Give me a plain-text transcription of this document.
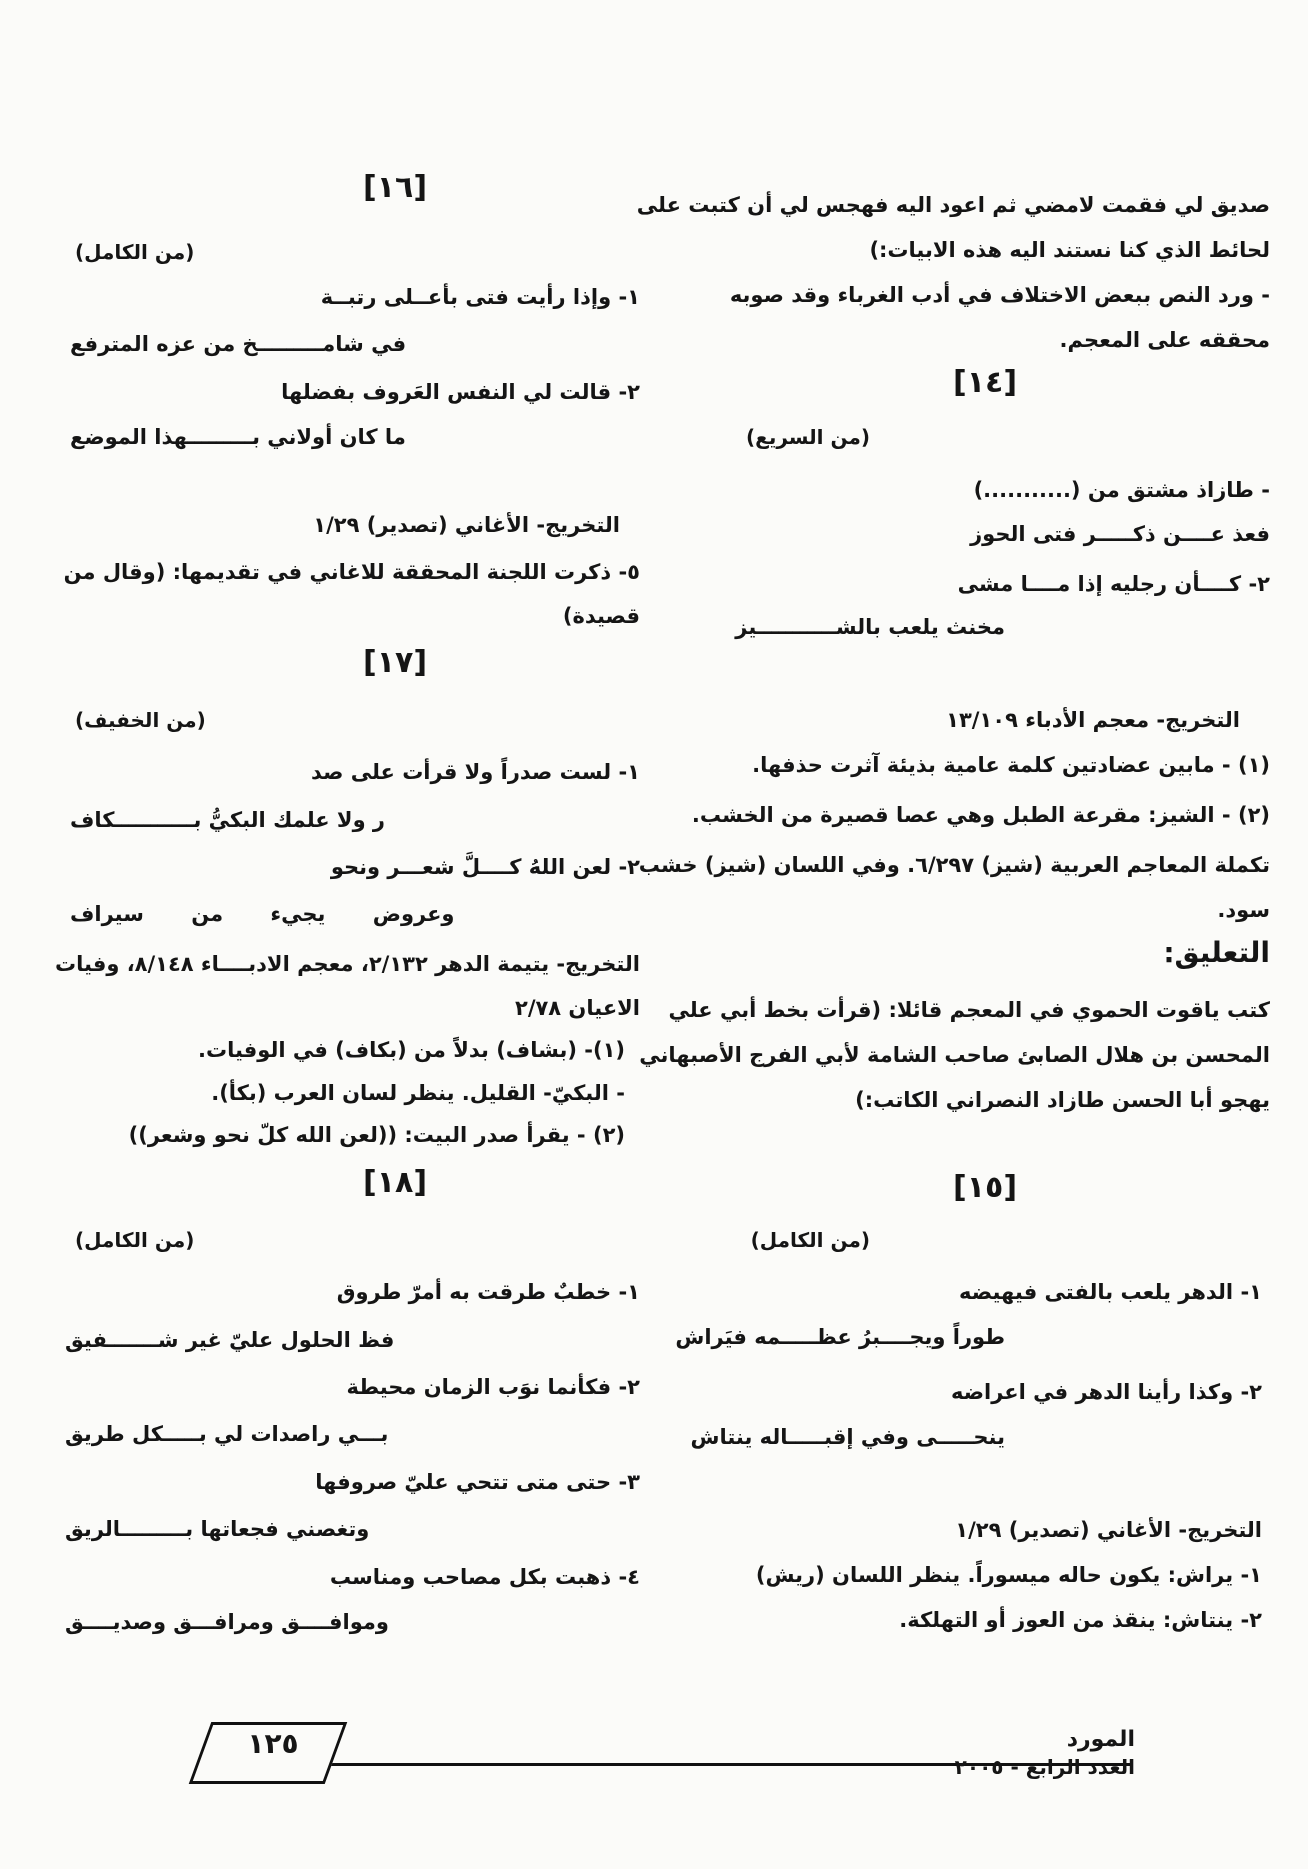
صديق لي فقمت لامضي ثم اعود اليه فهجس لي أن كتبت على
لحائط الذي كنا نستند اليه هذه الابيات:)
- ورد النص ببعض الاختلاف في أدب الغرباء وقد صوبه
محققه على المعجم.
[١٤]
(من السريع)
- طازاذ مشتق من (...........)
فعذ عــــن ذكـــــر فتى الحوز
٢- كــــأن رجليه إذا مــــا مشى
مخنث يلعب بالشـــــــــــيز
التخريج- معجم الأدباء ١٣/١٠٩
(١) - مابين عضادتين كلمة عامية بذيئة آثرت حذفها.
(٢) - الشيز: مقرعة الطبل وهي عصا قصيرة من الخشب.
تكملة المعاجم العربية (شيز) ٦/٢٩٧. وفي اللسان (شيز) خشب
سود.
التعليق:
كتب ياقوت الحموي في المعجم قائلا: (قرأت بخط أبي علي
المحسن بن هلال الصابئ صاحب الشامة لأبي الفرج الأصبهاني
يهجو أبا الحسن طازاد النصراني الكاتب:)
[١٥]
(من الكامل)
١- الدهر يلعب بالفتى فيهيضه
طوراً ويجــــبرُ عظـــــمه فيَراش
٢- وكذا رأينا الدهر في اعراضه
ينحـــــى وفي إقبـــــاله ينتاش
التخريج- الأغاني (تصدير) ١/٢٩
١- يراش: يكون حاله ميسوراً. ينظر اللسان (ريش)
٢- ينتاش: ينقذ من العوز أو التهلكة.
[١٦]
(من الكامل)
١- وإذا رأيت فتى بأعــلى رتبــة
في شامـــــــــخ من عزه المترفع
٢- قالت لي النفس العَروف بفضلها
ما كان أولاني بـــــــــهذا الموضع
التخريج- الأغاني (تصدير) ١/٢٩
٥- ذكرت اللجنة المحققة للاغاني في تقديمها: (وقال من قصيدة)
[١٧]
(من الخفيف)
١- لست صدراً ولا قرأت على صد
ر ولا علمك البكيُّ بـــــــــــكاف
٢- لعن اللهُ كــــلَّ شعـــر ونحو
وعروض يجيء من سيراف
التخريج- يتيمة الدهر ٢/١٣٢، معجم الادبــــاء ٨/١٤٨، وفيات الاعيان ٢/٧٨
(١)- (بشاف) بدلاً من (بكاف) في الوفيات.
- البكيّ- القليل. ينظر لسان العرب (بكأ).
(٢) - يقرأ صدر البيت: ((لعن الله كلّ نحو وشعر))
[١٨]
(من الكامل)
١- خطبٌ طرقت به أمرّ طروق
فظ الحلول عليّ غير شـــــــفيق
٢- فكأنما نوَب الزمان محيطة
بـــي راصدات لي بـــــكل طريق
٣- حتى متى تتحي عليّ صروفها
وتغصني فجعاتها بـــــــــالريق
٤- ذهبت بكل مصاحب ومناسب
وموافــــق ومرافـــق وصديــــق
١٢٥	المورد
العدد الرابع - ٢٠٠٥
